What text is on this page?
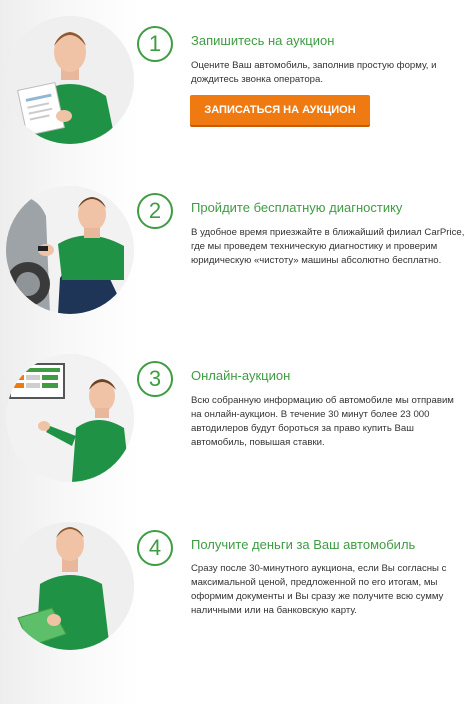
1	Запишитесь на аукцион
Оцените Ваш автомобиль, заполнив простую форму, и дождитесь звонка оператора.
ЗАПИСАТЬСЯ НА АУКЦИОН
2	Пройдите бесплатную диагностику
В удобное время приезжайте в ближайший филиал CarPrice, где мы проведем техническую диагностику и проверим юридическую «чистоту» машины абсолютно бесплатно.
3	Онлайн-аукцион
Всю собранную информацию об автомобиле мы отправим на онлайн-аукцион. В течение 30 минут более 23 000 автодилеров будут бороться за право купить Ваш автомобиль, повышая ставки.
4	Получите деньги за Ваш автомобиль
Сразу после 30-минутного аукциона, если Вы согласны с максимальной ценой, предложенной по его итогам, мы оформим документы и Вы сразу же получите всю сумму наличными или на банковскую карту.
